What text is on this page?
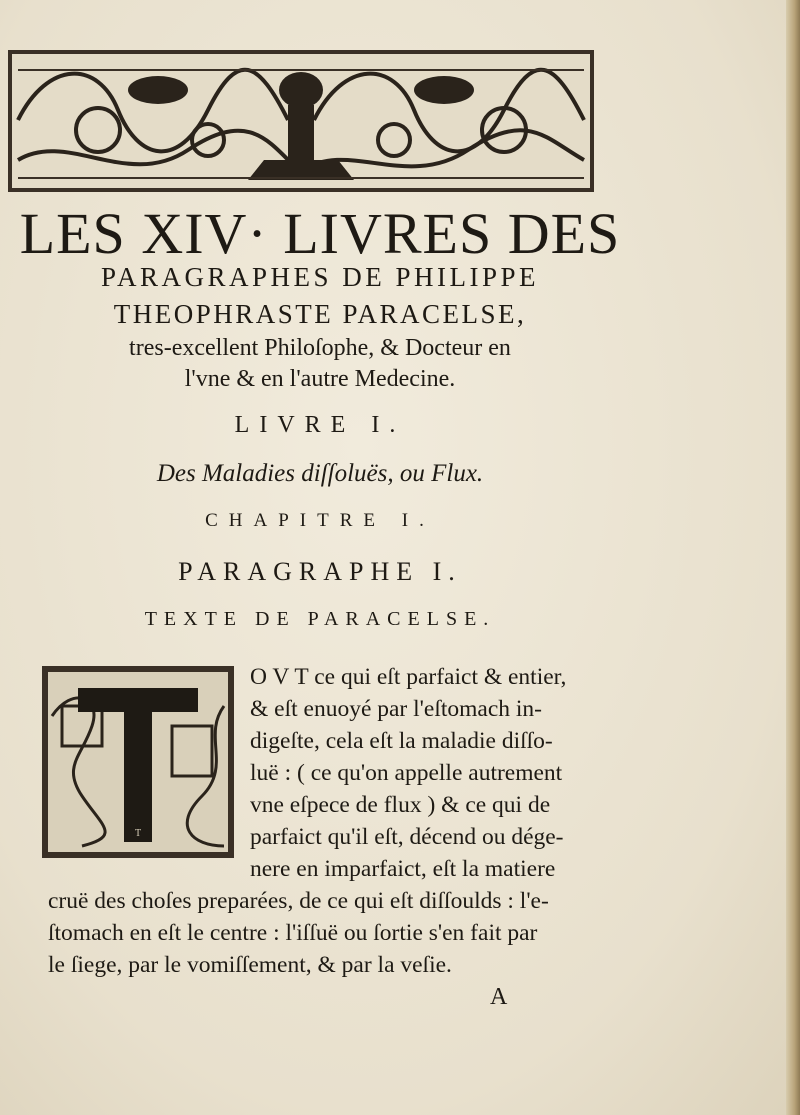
LES XIV· LIVRES DES
PARAGRAPHES DE PHILIPPE
THEOPHRASTE PARACELSE,
tres-excellent Philoſophe, & Docteur en
l'vne & en l'autre Medecine.
LIVRE I.
Des Maladies diſſoluës, ou Flux.
CHAPITRE I.
PARAGRAPHE I.
TEXTE DE PARACELSE.
T
O V T ce qui eſt parfaict & entier,
& eſt enuoyé par l'eſtomach in-
digeſte, cela eſt la maladie diſſo-
luë : ( ce qu'on appelle autrement
vne eſpece de flux ) & ce qui de
parfaict qu'il eſt, décend ou dége-
nere en imparfaict, eſt la matiere
cruë des choſes preparées, de ce qui eſt diſſoulds : l'e-
ſtomach en eſt le centre : l'iſſuë ou ſortie s'en fait par
le ſiege, par le vomiſſement, & par la veſie.
A
